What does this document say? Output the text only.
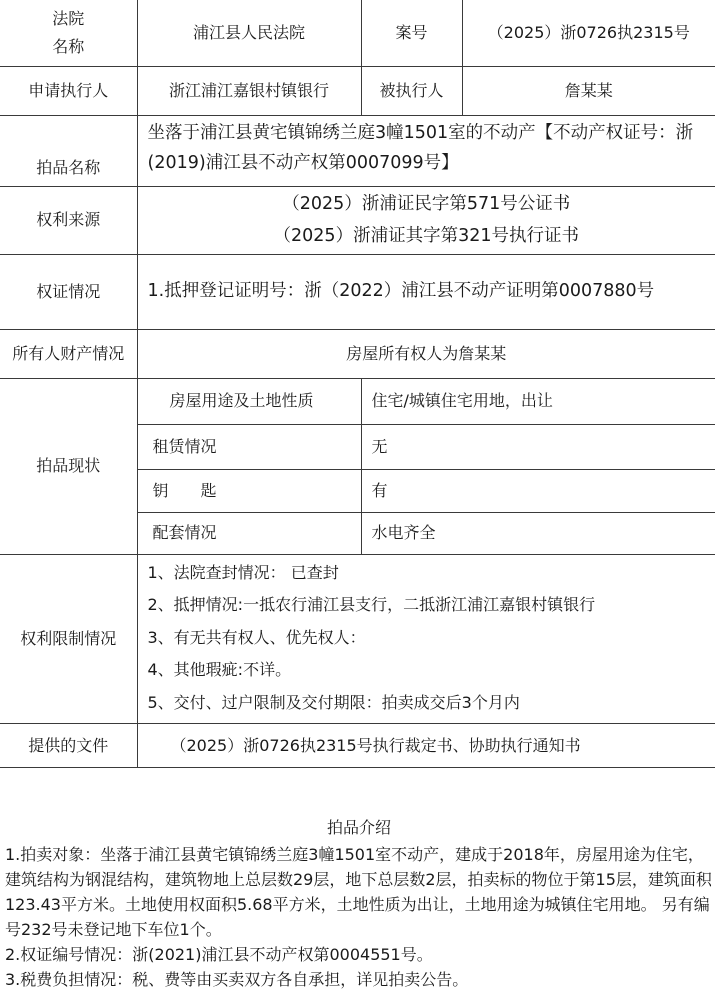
法院
名称	浦江县人民法院	案号	（2025）浙0726执2315号
申请执行人	浙江浦江嘉银村镇银行	被执行人	詹某某
拍品名称	坐落于浦江县黄宅镇锦绣兰庭3幢1501室的不动产【不动产权证号：浙(2019)浦江县不动产权第0007099号】		
权利来源	（2025）浙浦证民字第571号公证书
（2025）浙浦证其字第321号执行证书		

权证情况	1.抵押登记证明号：浙（2022）浦江县不动产证明第0007880号		
所有人财产情况	房屋所有权人为詹某某		
拍品现状	房屋用途及土地性质	住宅/城镇住宅用地，出让	
	租赁情况	无	
	钥　　匙	有	
	配套情况	水电齐全	
权利限制情况	1、法院查封情况： 已查封
2、抵押情况:一抵农行浦江县支行，二抵浙江浦江嘉银村镇银行
3、有无共有权人、优先权人：
4、其他瑕疵:不详。
5、交付、过户限制及交付期限：拍卖成交后3个月内		

提供的文件	（2025）浙0726执2315号执行裁定书、协助执行通知书		
拍品介绍

1.拍卖对象：坐落于浦江县黄宅镇锦绣兰庭3幢1501室不动产，建成于2018年，房屋用途为住宅，建筑结构为钢混结构，建筑物地上总层数29层，地下总层数2层，拍卖标的物位于第15层，建筑面积123.43平方米。土地使用权面积5.68平方米，土地性质为出让，土地用途为城镇住宅用地。 另有编号232号未登记地下车位1个。

2.权证编号情况：浙(2021)浦江县不动产权第0004551号。

3.税费负担情况：税、费等由买卖双方各自承担，详见拍卖公告。
